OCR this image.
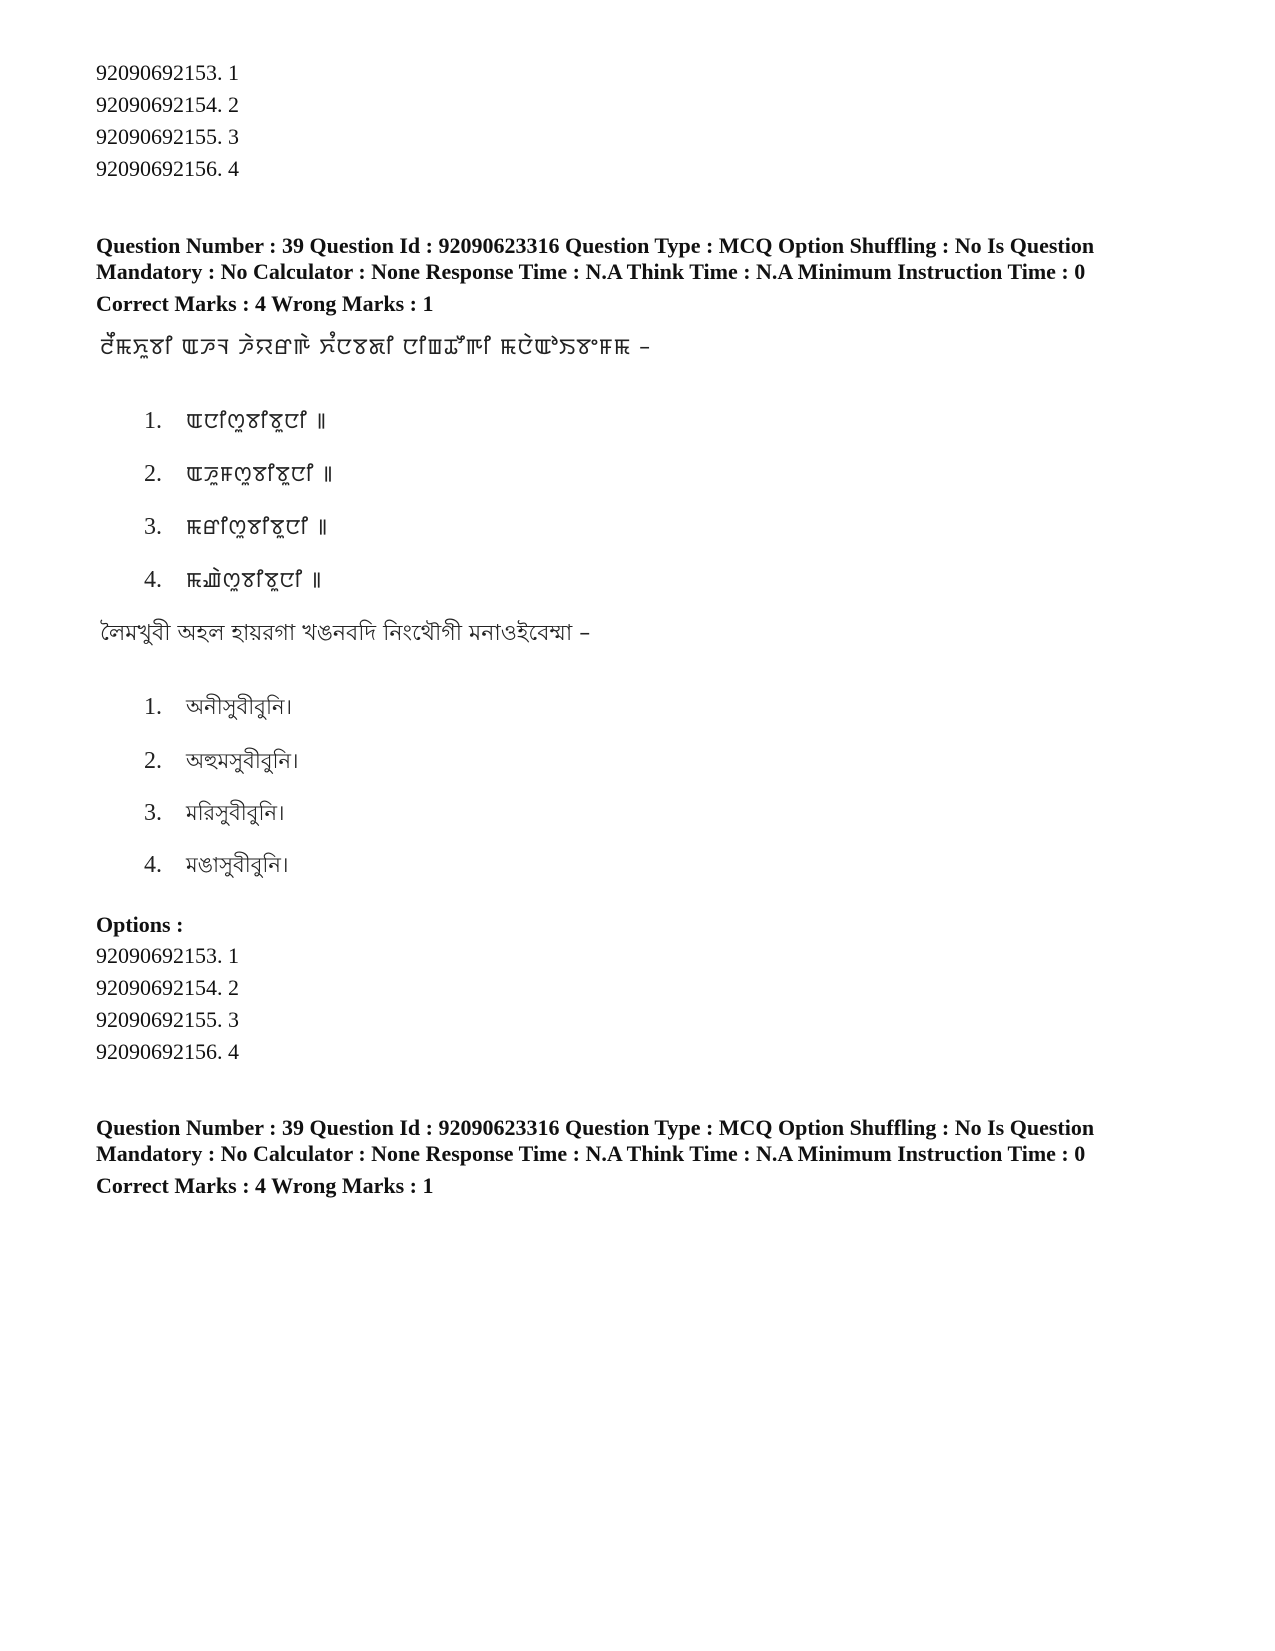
92090692153. 1
92090692154. 2
92090692155. 3
92090692156. 4
Question Number : 39 Question Id : 92090623316 Question Type : MCQ Option Shuffling : No Is Question
Mandatory : No Calculator : None Response Time : N.A Think Time : N.A Minimum Instruction Time : 0
Correct Marks : 4 Wrong Marks : 1
ꯂꯩꯃꯈꯨꯕꯤ ꯑꯍꯜ ꯍꯥꯌꯔꯒꯥ ꯈꯪꯅꯕꯗꯤ ꯅꯤꯡꯊꯧꯒꯤ ꯃꯅꯥꯑꯣꯏꯕꯦꯝꯃ –
1. ꯑꯅꯤꯁꯨꯕꯤꯕꯨꯅꯤ ꯫
2. ꯑꯍꯨꯝꯁꯨꯕꯤꯕꯨꯅꯤ ꯫
3. ꯃꯔꯤꯁꯨꯕꯤꯕꯨꯅꯤ ꯫
4. ꯃꯉꯥꯁꯨꯕꯤꯕꯨꯅꯤ ꯫
লৈমখুবী অহল হায়রগা খঙনবদি নিংথৌগী মনাওইবেম্মা –
1. অনীসুবীবুনি।
2. অহুমসুবীবুনি।
3. মরিসুবীবুনি।
4. মঙাসুবীবুনি।
Options :
92090692153. 1
92090692154. 2
92090692155. 3
92090692156. 4
Question Number : 39 Question Id : 92090623316 Question Type : MCQ Option Shuffling : No Is Question
Mandatory : No Calculator : None Response Time : N.A Think Time : N.A Minimum Instruction Time : 0
Correct Marks : 4 Wrong Marks : 1
